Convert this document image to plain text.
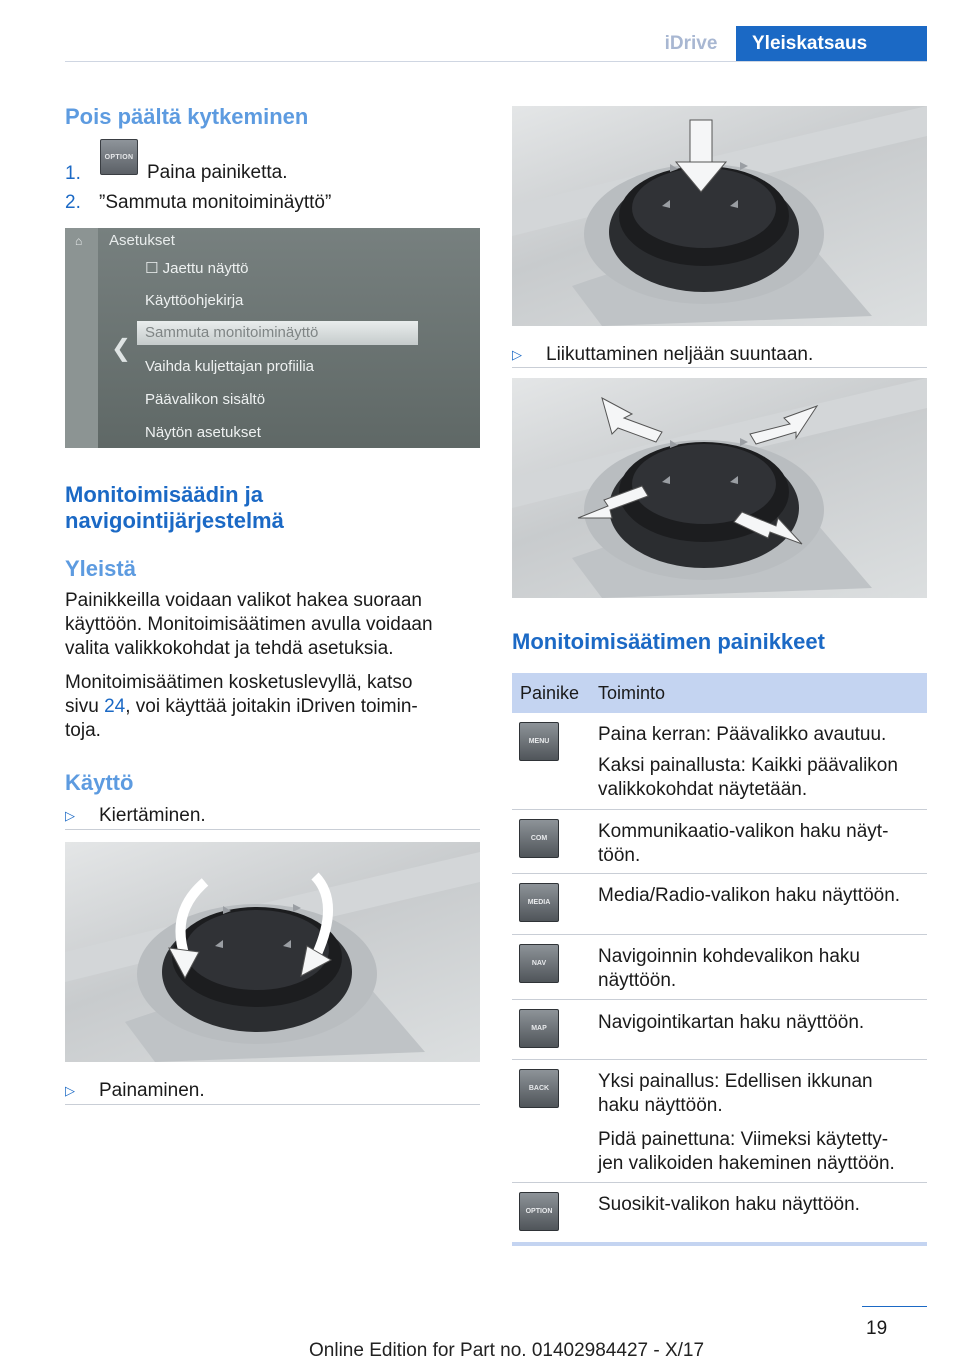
iDrive	Yleiskatsaus
Pois päältä kytkeminen
1.
OPTION
Paina painiketta.
2. ”Sammuta monitoiminäyttö”
⌂ Asetukset
❮
☐ Jaettu näyttö
Käyttöohjekirja
Sammuta monitoiminäyttö
Vaihda kuljettajan profiilia
Päävalikon sisältö
Näytön asetukset
Monitoimisäädin ja
navigointijärjestelmä
Yleistä
Painikkeilla voidaan valikot hakea suoraan
käyttöön. Monitoimisäätimen avulla voidaan
valita valikkokohdat ja tehdä asetuksia.
Monitoimisäätimen kosketuslevyllä, katso
sivu 24, voi käyttää joitakin iDriven toimin-
toja.
Käyttö
▷ Kiertäminen.
▷ Painaminen.
▷ Liikuttaminen neljään suuntaan.
Monitoimisäätimen painikkeet
Painike Toiminto
MENU	Paina kerran: Päävalikko avautuu.
Kaksi painallusta: Kaikki päävalikon
valikkokohdat näytetään.
COM	Kommunikaatio-valikon haku näyt-
töön.
MEDIA	Media/Radio-valikon haku näyttöön.
NAV	Navigoinnin kohdevalikon haku
näyttöön.
MAP	Navigointikartan haku näyttöön.
BACK	Yksi painallus: Edellisen ikkunan
haku näyttöön.
Pidä painettuna: Viimeksi käytetty-
jen valikoiden hakeminen näyttöön.
OPTION	Suosikit-valikon haku näyttöön.
19
Online Edition for Part no. 01402984427 - X/17
